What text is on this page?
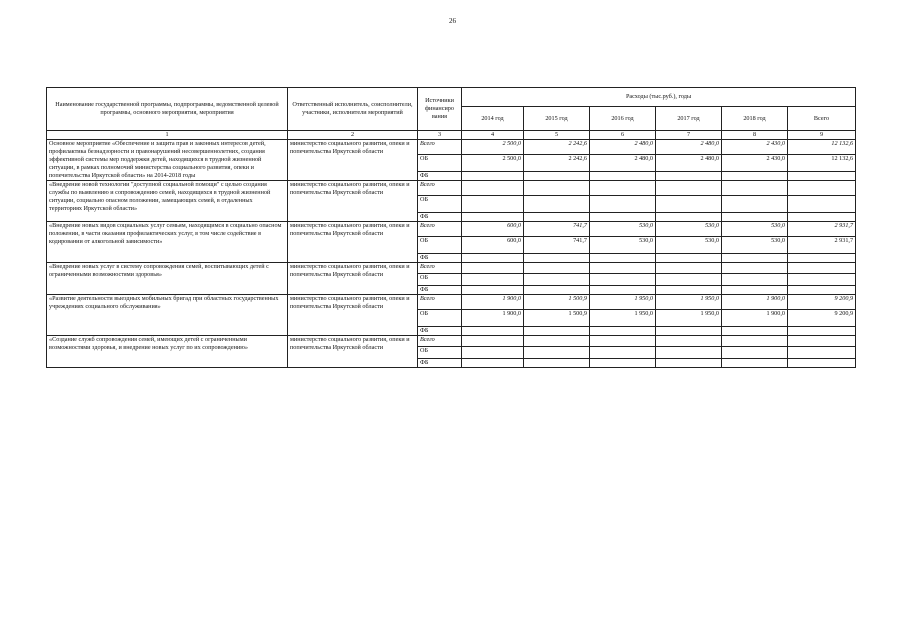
26
Наименование государственной программы, подпрограммы, ведомственной целевой программы, основного мероприятия, мероприятия	Ответственный исполнитель, соисполнители, участники, исполнители мероприятий	Источники финансиро вания	Расходы (тыс.руб.), годы					
			2014 год	2015 год	2016 год	2017 год	2018 год	Всего
1	2	3	4	5	6	7	8	9
Основное мероприятие «Обеспечение и защита прав и законных интересов детей, профилактика безнадзорности и правонарушений несовершеннолетних, создания эффективной системы мер поддержки детей, находящихся в трудной жизненной ситуации, в рамках полномочий министерства социального развития, опеки и попечительства Иркутской области» на 2014-2018 годы	министерство социального развития, опеки и попечительства Иркутской области	Всего	2 500,0	2 242,6	2 480,0	2 480,0	2 430,0	12 132,6
		ОБ	2 500,0	2 242,6	2 480,0	2 480,0	2 430,0	12 132,6
		ФБ						
«Внедрение новой технологии "доступной социальной помощи" с целью создания службы по выявлению и сопровождению семей, находящихся в трудной жизненной ситуации, социально опасном положении, замещающих семей, в отдаленных территориях Иркутской области»	министерство социального развития, опеки и попечительства Иркутской области	Всего						
		ОБ						
		ФБ						
«Внедрение новых видов социальных услуг семьям, находящимся в социально опасном положении, в части оказания профилактических услуг, в том числе содействие в кодировании от алкогольной зависимости»	министерство социального развития, опеки и попечительства Иркутской области	Всего	600,0	741,7	530,0	530,0	530,0	2 931,7
		ОБ	600,0	741,7	530,0	530,0	530,0	2 931,7
		ФБ						
«Внедрение новых услуг в систему сопровождения семей, воспитывающих детей с ограниченными возможностями здоровья»	министерство социального развития, опеки и попечительства Иркутской области	Всего						
		ОБ						
		ФБ						
«Развитие деятельности выездных мобильных бригад при областных государственных учреждениях социального обслуживания»	министерство социального развития, опеки и попечительства Иркутской области	Всего	1 900,0	1 500,9	1 950,0	1 950,0	1 900,0	9 200,9
		ОБ	1 900,0	1 500,9	1 950,0	1 950,0	1 900,0	9 200,9
		ФБ						
«Создание служб сопровождения семей, имеющих детей с ограниченными возможностями здоровья, и внедрение новых услуг по их сопровождению»	министерство социального развития, опеки и попечительства Иркутской области	Всего						
		ОБ						
		ФБ						
